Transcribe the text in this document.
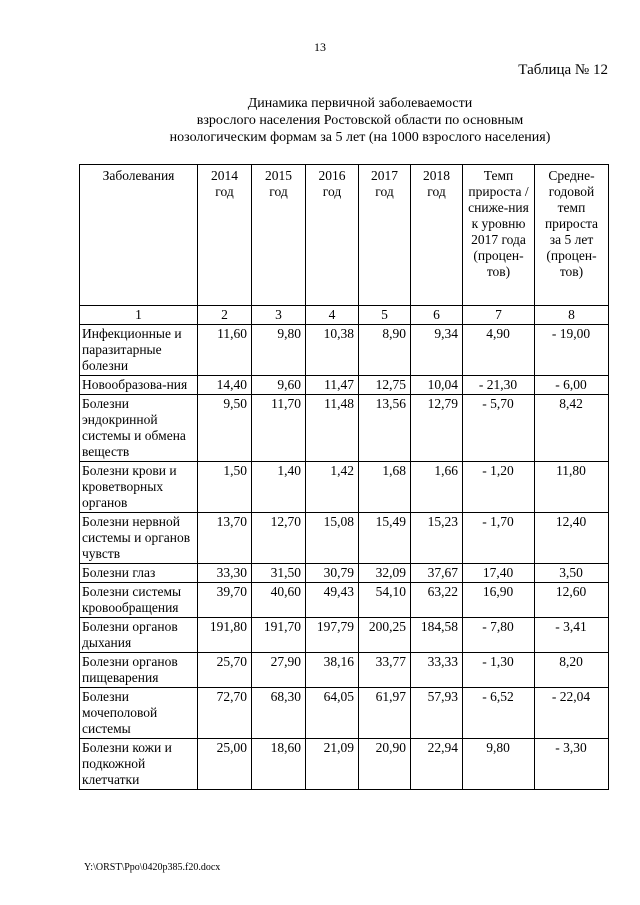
13
Таблица № 12
Динамика первичной заболеваемости
взрослого населения Ростовской области по основным
нозологическим формам за 5 лет (на 1000 взрослого населения)
Заболевания	2014 год	2015 год	2016 год	2017 год	2018 год	Темп прироста /сниже-ния к уровню 2017 года (процен-тов)	Средне-годовой темп прироста за 5 лет (процен-тов)
1	2	3	4	5	6	7	8
Инфекционные и паразитарные болезни	11,60	9,80	10,38	8,90	9,34	4,90	- 19,00
Новообразова-ния	14,40	9,60	11,47	12,75	10,04	- 21,30	- 6,00
Болезни эндокринной системы и обмена веществ	9,50	11,70	11,48	13,56	12,79	- 5,70	8,42
Болезни крови и кроветворных органов	1,50	1,40	1,42	1,68	1,66	- 1,20	11,80
Болезни нервной системы и органов чувств	13,70	12,70	15,08	15,49	15,23	- 1,70	12,40
Болезни глаз	33,30	31,50	30,79	32,09	37,67	17,40	3,50
Болезни системы кровообращения	39,70	40,60	49,43	54,10	63,22	16,90	12,60
Болезни органов дыхания	191,80	191,70	197,79	200,25	184,58	- 7,80	- 3,41
Болезни органов пищеварения	25,70	27,90	38,16	33,77	33,33	- 1,30	8,20
Болезни мочеполовой системы	72,70	68,30	64,05	61,97	57,93	- 6,52	- 22,04
Болезни кожи и подкожной клетчатки	25,00	18,60	21,09	20,90	22,94	9,80	- 3,30
Y:\ORST\Ppo\0420p385.f20.docx
